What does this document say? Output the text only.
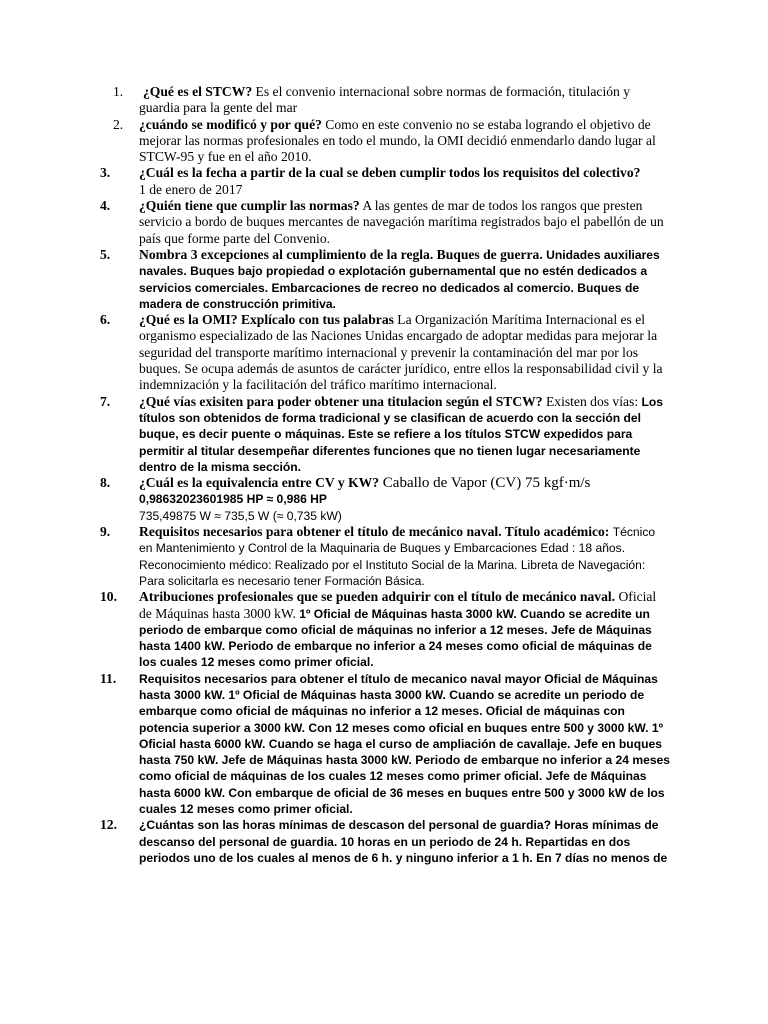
1.	¿Qué es el STCW? Es el convenio internacional sobre normas de formación, titulación y guardia para la gente del mar
2.	¿cuándo se modificó y por qué? Como en este convenio no se estaba logrando el objetivo de mejorar las normas profesionales en todo el mundo, la OMI decidió enmendarlo dando lugar al STCW-95 y fue en el año 2010.
3.	¿Cuál es la fecha a partir de la cual se deben cumplir todos los requisitos del colectivo?
1 de enero de 2017
4.	¿Quién tiene que cumplir las normas? A las gentes de mar de todos los rangos que presten servicio a bordo de buques mercantes de navegación marítima registrados bajo el pabellón de un país que forme parte del Convenio.
5.	Nombra 3 excepciones al cumplimiento de la regla. Buques de guerra. Unidades auxiliares navales. Buques bajo propiedad o explotación gubernamental que no estén dedicados a servicios comerciales. Embarcaciones de recreo no dedicados al comercio. Buques de madera de construcción primitiva.
6.	¿Qué es la OMI? Explícalo con tus palabras La Organización Marítima Internacional es el organismo especializado de las Naciones Unidas encargado de adoptar medidas para mejorar la seguridad del transporte marítimo internacional y prevenir la contaminación del mar por los buques. Se ocupa además de asuntos de carácter jurídico, entre ellos la responsabilidad civil y la indemnización y la facilitación del tráfico marítimo internacional.
7.	¿Qué vías exisiten para poder obtener una titulacion según el STCW? Existen dos vías: Los títulos son obtenidos de forma tradicional y se clasifican de acuerdo con la sección del buque, es decir puente o máquinas. Este se refiere a los títulos STCW expedidos para permitir al titular desempeñar diferentes funciones que no tienen lugar necesariamente dentro de la misma sección.
8.	¿Cuál es la equivalencia entre CV y KW? Caballo de Vapor (CV) 75 kgf·m/s
0,98632023601985 HP ≈ 0,986 HP
735,49875 W ≈ 735,5 W (≈ 0,735 kW)
9.	Requisitos necesarios para obtener el título de mecánico naval. Título académico: Técnico en Mantenimiento y Control de la Maquinaria de Buques y Embarcaciones Edad : 18 años. Reconocimiento médico: Realizado por el Instituto Social de la Marina. Libreta de Navegación: Para solicitarla es necesario tener Formación Básica.
10.	Atribuciones profesionales que se pueden adquirir con el título de mecánico naval. Oficial de Máquinas hasta 3000 kW. 1º Oficial de Máquinas hasta 3000 kW. Cuando se acredite un periodo de embarque como oficial de máquinas no inferior a 12 meses. Jefe de Máquinas hasta 1400 kW. Periodo de embarque no inferior a 24 meses como oficial de máquinas de los cuales 12 meses como primer oficial.
11.	Requisitos necesarios para obtener el título de mecanico naval mayor Oficial de Máquinas hasta 3000 kW. 1º Oficial de Máquinas hasta 3000 kW. Cuando se acredite un periodo de embarque como oficial de máquinas no inferior a 12 meses. Oficial de máquinas con potencia superior a 3000 kW. Con 12 meses como oficial en buques entre 500 y 3000 kW. 1º Oficial hasta 6000 kW. Cuando se haga el curso de ampliación de cavallaje. Jefe en buques hasta 750 kW. Jefe de Máquinas hasta 3000 kW. Periodo de embarque no inferior a 24 meses como oficial de máquinas de los cuales 12 meses como primer oficial. Jefe de Máquinas hasta 6000 kW. Con embarque de oficial de 36 meses en buques entre 500 y 3000 kW de los cuales 12 meses como primer oficial.
12.	¿Cuántas son las horas mínimas de descason del personal de guardia? Horas mínimas de descanso del personal de guardia. 10 horas en un periodo de 24 h. Repartidas en dos periodos uno de los cuales al menos de 6 h. y ninguno inferior a 1 h. En 7 días no menos de
